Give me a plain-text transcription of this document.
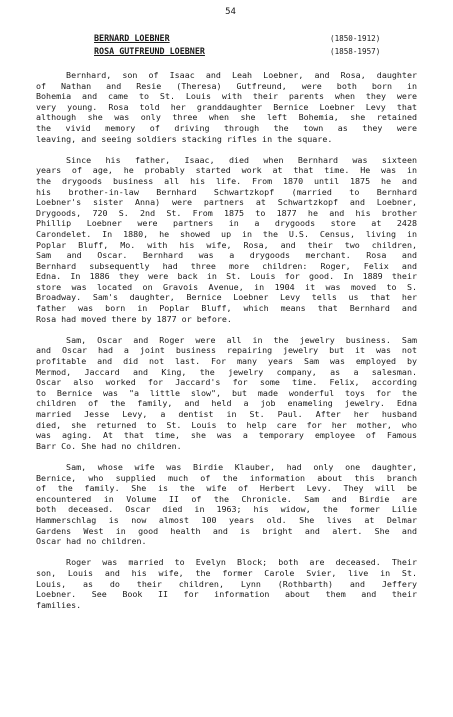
54
BERNARD LOEBNER	(1850-1912)
ROSA GUTFREUND LOEBNER	(1858-1957)

Bernhard, son of Isaac and Leah Loebner, and Rosa, daughter
of Nathan and Resie (Theresa) Gutfreund, were both born in
Bohemia and came to St. Louis with their parents when they were
very young. Rosa told her granddaughter Bernice Loebner Levy that
although she was only three when she left Bohemia, she retained
the vivid memory of driving through the town as they were
leaving, and seeing soldiers stacking rifles in the square.

Since his father, Isaac, died when Bernhard was sixteen
years of age, he probably started work at that time. He was in
the drygoods business all his life. From 1870 until 1875 he and
his brother-in-law Bernhard Schwartzkopf (married to Bernhard
Loebner's sister Anna) were partners at Schwartzkopf and Loebner,
Drygoods, 720 S. 2nd St. From 1875 to 1877 he and his brother
Phillip Loebner were partners in a drygoods store at 2428
Carondelet. In 1880, he showed up in the U.S. Census, living in
Poplar Bluff, Mo. with his wife, Rosa, and their two children,
Sam and Oscar. Bernhard was a drygoods merchant. Rosa and
Bernhard subsequently had three more children: Roger, Felix and
Edna. In 1886 they were back in St. Louis for good. In 1889 their
store was located on Gravois Avenue, in 1904 it was moved to S.
Broadway. Sam's daughter, Bernice Loebner Levy tells us that her
father was born in Poplar Bluff, which means that Bernhard and
Rosa had moved there by 1877 or before.

Sam, Oscar and Roger were all in the jewelry business. Sam
and Oscar had a joint business repairing jewelry but it was not
profitable and did not last. For many years Sam was employed by
Mermod, Jaccard and King, the jewelry company, as a salesman.
Oscar also worked for Jaccard's for some time. Felix, according
to Bernice was "a little slow", but made wonderful toys for the
children of the family, and held a job enameling jewelry. Edna
married Jesse Levy, a dentist in St. Paul. After her husband
died, she returned to St. Louis to help care for her mother, who
was aging. At that time, she was a temporary employee of Famous
Barr Co. She had no children.

Sam, whose wife was Birdie Klauber, had only one daughter,
Bernice, who supplied much of the information about this branch
of the family. She is the wife of Herbert Levy. They will be
encountered in Volume II of the Chronicle. Sam and Birdie are
both deceased. Oscar died in 1963; his widow, the former Lilie
Hammerschlag is now almost 100 years old. She lives at Delmar
Gardens West in good health and is bright and alert. She and
Oscar had no children.

Roger was married to Evelyn Block; both are deceased. Their
son, Louis and his wife, the former Carole Svier, live in St.
Louis, as do their children, Lynn (Rothbarth) and Jeffery
Loebner. See Book II for information about them and their
families.
